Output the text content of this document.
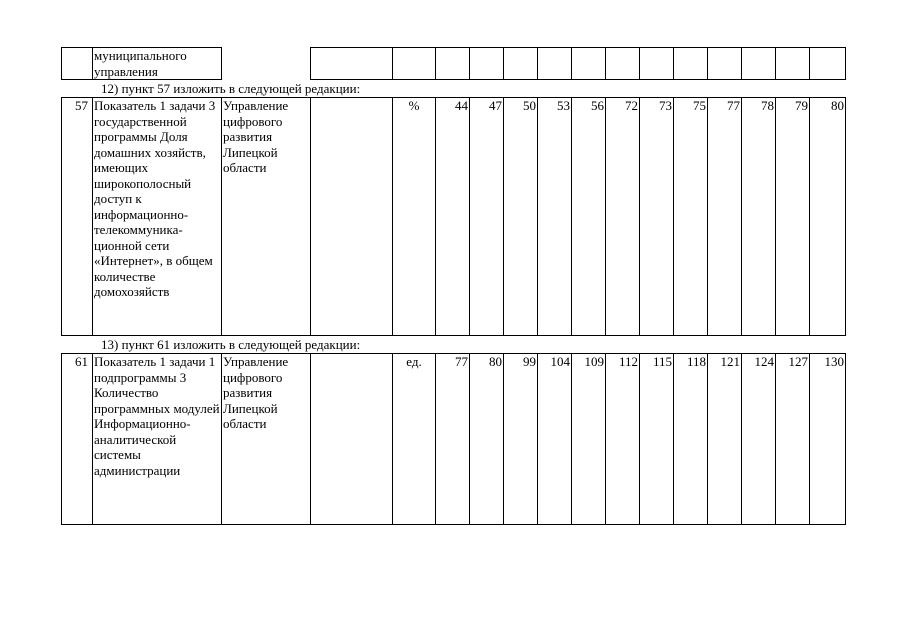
	муниципального управления															
12) пункт 57 изложить в следующей редакции:
57	Показатель 1 задачи 3 государственной программы Доля домашних хозяйств, имеющих широкополосный доступ к информационно-телекоммуника-ционной сети «Интернет», в общем количестве домохозяйств	Управление цифрового развития Липецкой области		%	44	47	50	53	56	72	73	75	77	78	79	80
13) пункт 61 изложить в следующей редакции:
61	Показатель 1 задачи 1 подпрограммы 3 Количество программных модулей Информационно-аналитической системы администрации	Управление цифрового развития Липецкой области		ед.	77	80	99	104	109	112	115	118	121	124	127	130
